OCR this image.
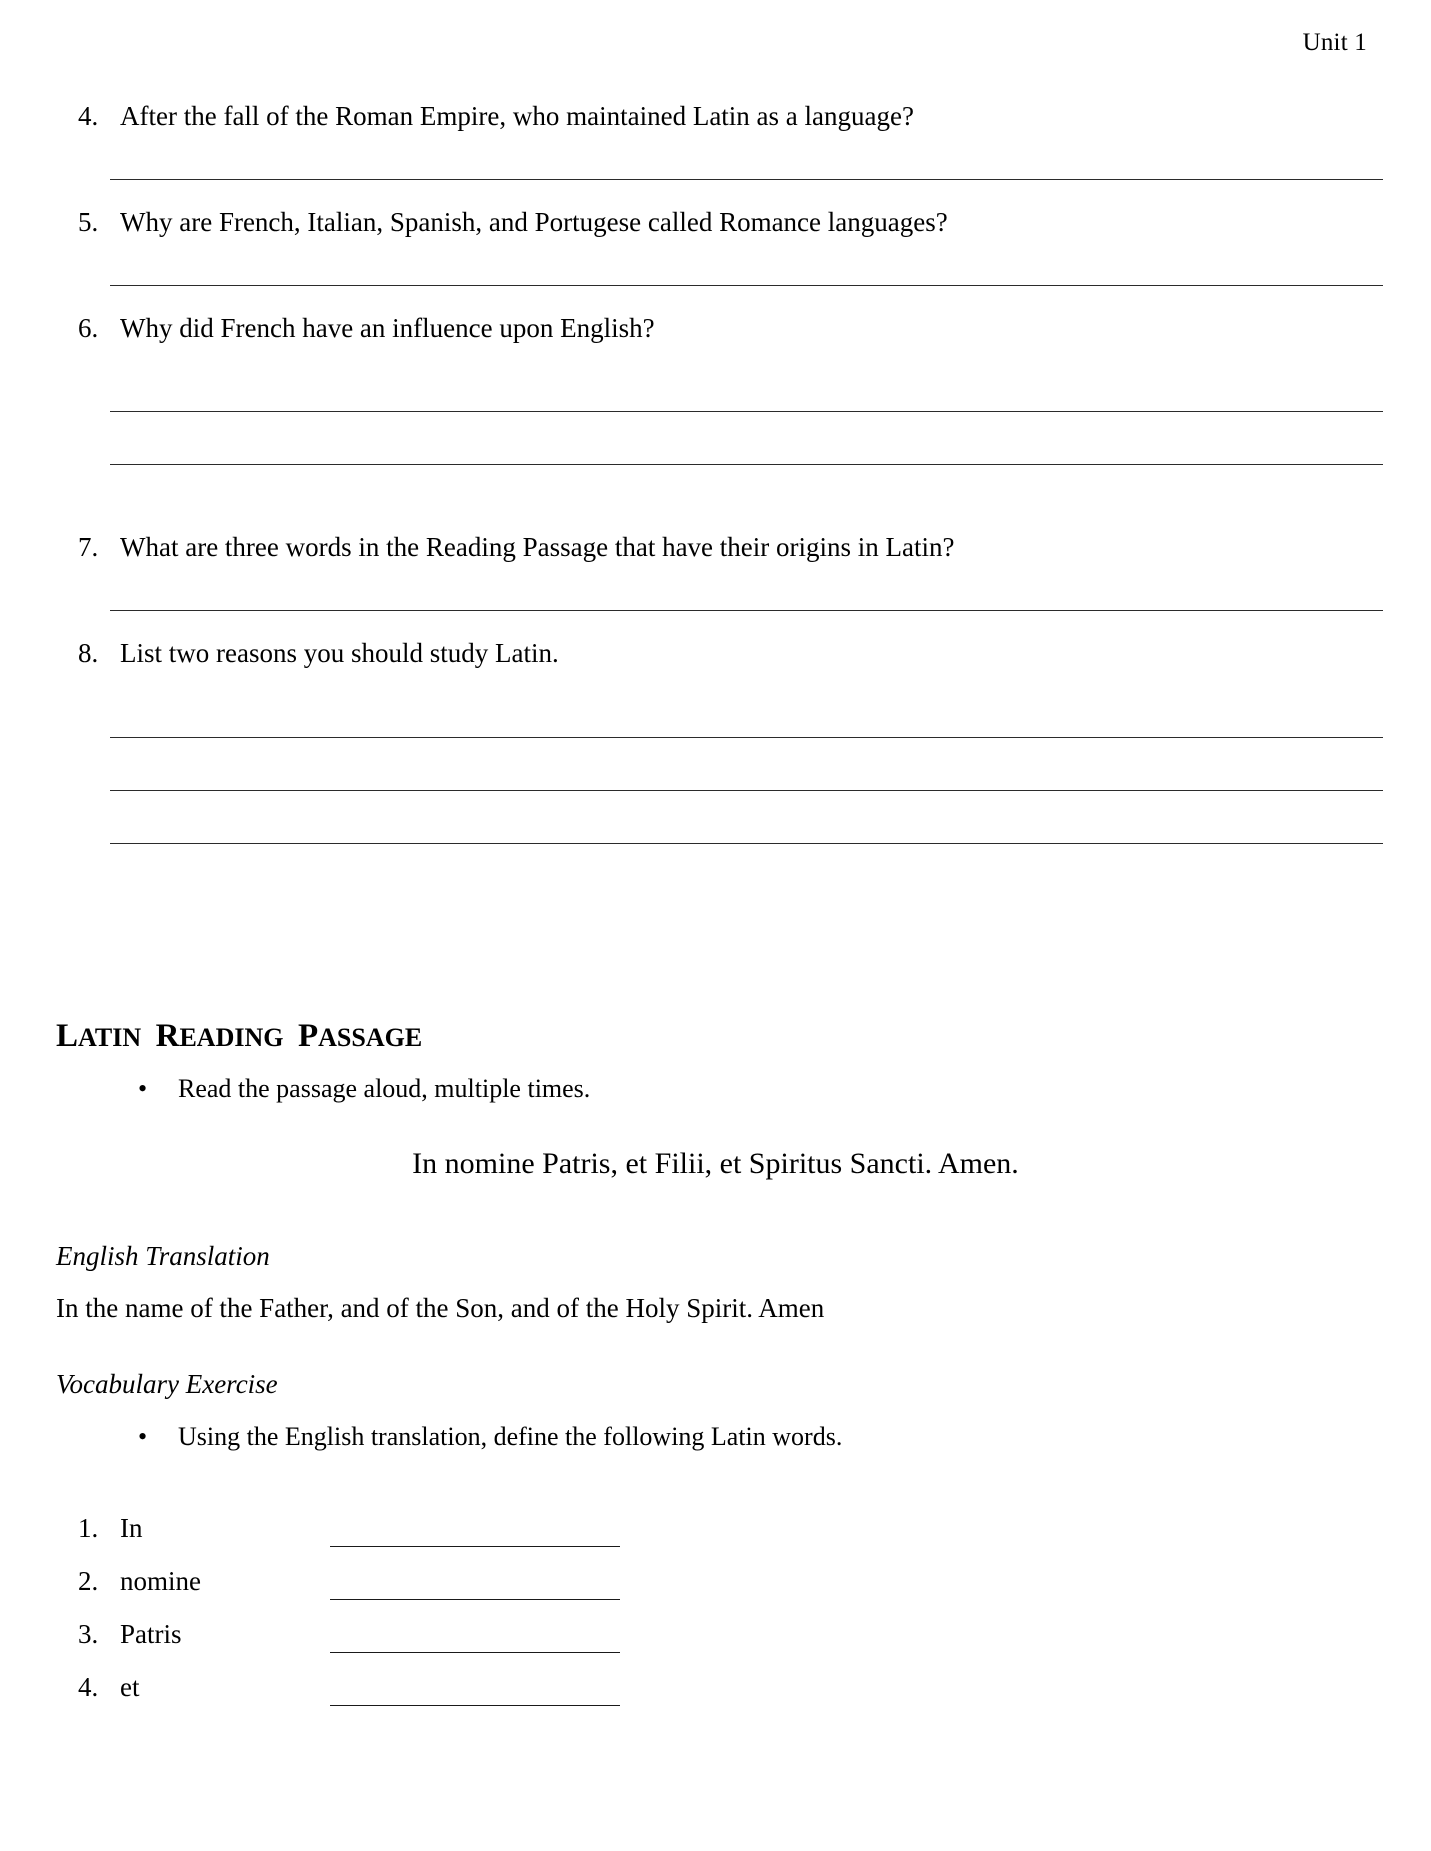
Unit 1
4. After the fall of the Roman Empire, who maintained Latin as a language?
5. Why are French, Italian, Spanish, and Portugese called Romance languages?
6. Why did French have an influence upon English?
7. What are three words in the Reading Passage that have their origins in Latin?
8. List two reasons you should study Latin.
LATIN READING PASSAGE
•	Read the passage aloud, multiple times.
In nomine Patris, et Filii, et Spiritus Sancti. Amen.
English Translation
In the name of the Father, and of the Son, and of the Holy Spirit. Amen
Vocabulary Exercise
•	Using the English translation, define the following Latin words.
1. In
2. nomine
3. Patris
4. et
